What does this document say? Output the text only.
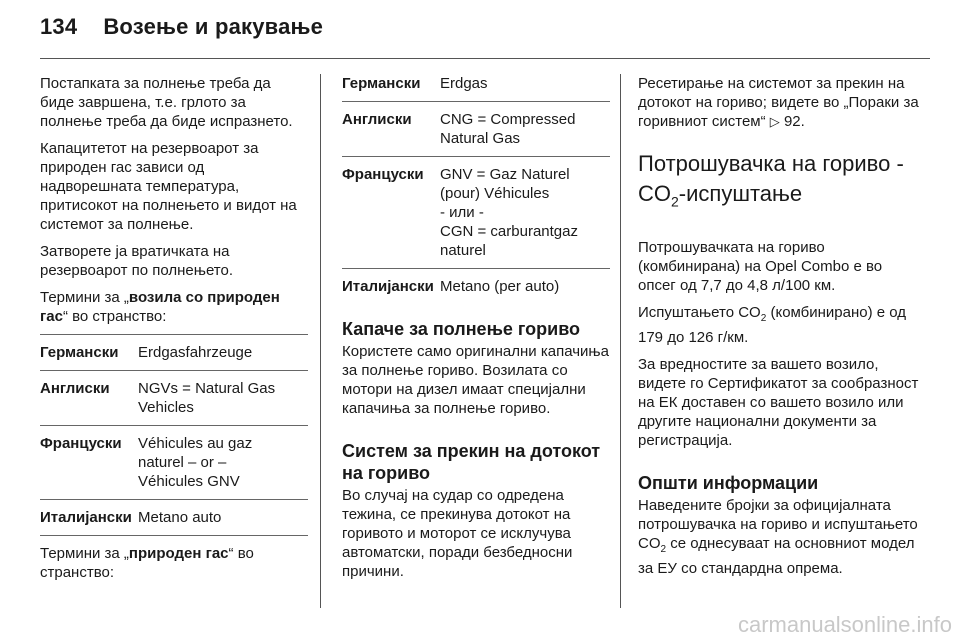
134 Возење и ракување

Постапката за полнење треба да биде завршена, т.е. грлото за полнење треба да биде испразнето.

Капацитетот на резервоарот за природен гас зависи од надворешната температура, притисокот на полнењето и видот на системот за полнење.

Затворете ја вратичката на резервоарот по полнењето.

Термини за „возила со природен гас“ во странство:

Германски	Erdgasfahrzeuge
Англиски	NGVs = Natural Gas
Vehicles
Француски	Véhicules au gaz
naturel – or –
Véhicules GNV
Италијански Metano auto

Термини за „природен гас“ во странство:

Германски	Erdgas
Англиски	CNG = Compressed
Natural Gas
Француски	GNV = Gaz Naturel
(pour) Véhicules
- или -
CGN = carburantgaz
naturel
Италијански Metano (per auto)
Капаче за полнење гориво

Користете само оригинални капачиња за полнење гориво. Возилата со мотори на дизел имаат специјални капачиња за полнење гориво.

Систем за прекин на дотокот на гориво

Во случај на судар со одредена тежина, се прекинува дотокот на горивото и моторот се исклучува автоматски, поради безбедносни причини.

Ресетирање на системот за прекин на дотокот на гориво; видете во „Пораки за горивниот систем“ ▷ 92.

Потрошувачка на гориво - $CO_2$-испуштање

Потрошувачката на гориво (комбинирана) на Opel Combo е во опсег од 7,7 до 4,8 л/100 км.

Испуштањето $CO_2$ (комбинирано) е од 179 до 126 г/км.

За вредностите за вашето возило, видете го Сертификатот за сообразност на ЕК доставен со вашето возило или другите национални документи за регистрација.

Општи информации

Наведените бројки за официјалната потрошувачка на гориво и испуштањето $CO_2$ се однесуваат на основниот модел за ЕУ со стандардна опрема.

carmanualsonline.info
